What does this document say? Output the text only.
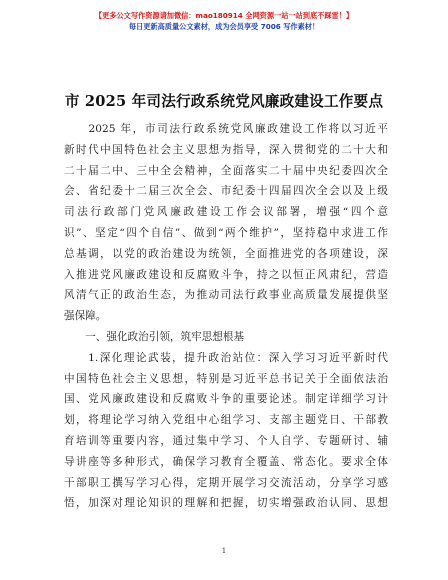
【更多公文写作资源请加微信：mao180914 全网资源一站一站到底不踩雷！】
每日更新高质量公文素材，成为会员享受 7006 写作素材！
市 2025 年司法行政系统党风廉政建设工作要点
　　2025 年，市司法行政系统党风廉政建设工作将以习近平
新时代中国特色社会主义思想为指导，深入贯彻党的二十大和
二十届二中、三中全会精神，全面落实二十届中央纪委四次全
会、省纪委十二届三次全会、市纪委十四届四次全会以及上级
司法行政部门党风廉政建设工作会议部署，增强“四个意
识”、坚定“四个自信”、做到“两个维护”，坚持稳中求进工作
总基调，以党的政治建设为统领，全面推进党的各项建设，深
入推进党风廉政建设和反腐败斗争，持之以恒正风肃纪，营造
风清气正的政治生态，为推动司法行政事业高质量发展提供坚
强保障。
　　一、强化政治引领，筑牢思想根基
　　1.深化理论武装，提升政治站位：深入学习习近平新时代
中国特色社会主义思想，特别是习近平总书记关于全面依法治
国、党风廉政建设和反腐败斗争的重要论述。制定详细学习计
划，将理论学习纳入党组中心组学习、支部主题党日、干部教
育培训等重要内容，通过集中学习、个人自学、专题研讨、辅
导讲座等多种形式，确保学习教育全覆盖、常态化。要求全体
干部职工撰写学习心得，定期开展学习交流活动，分享学习感
悟，加深对理论知识的理解和把握，切实增强政治认同、思想
1
